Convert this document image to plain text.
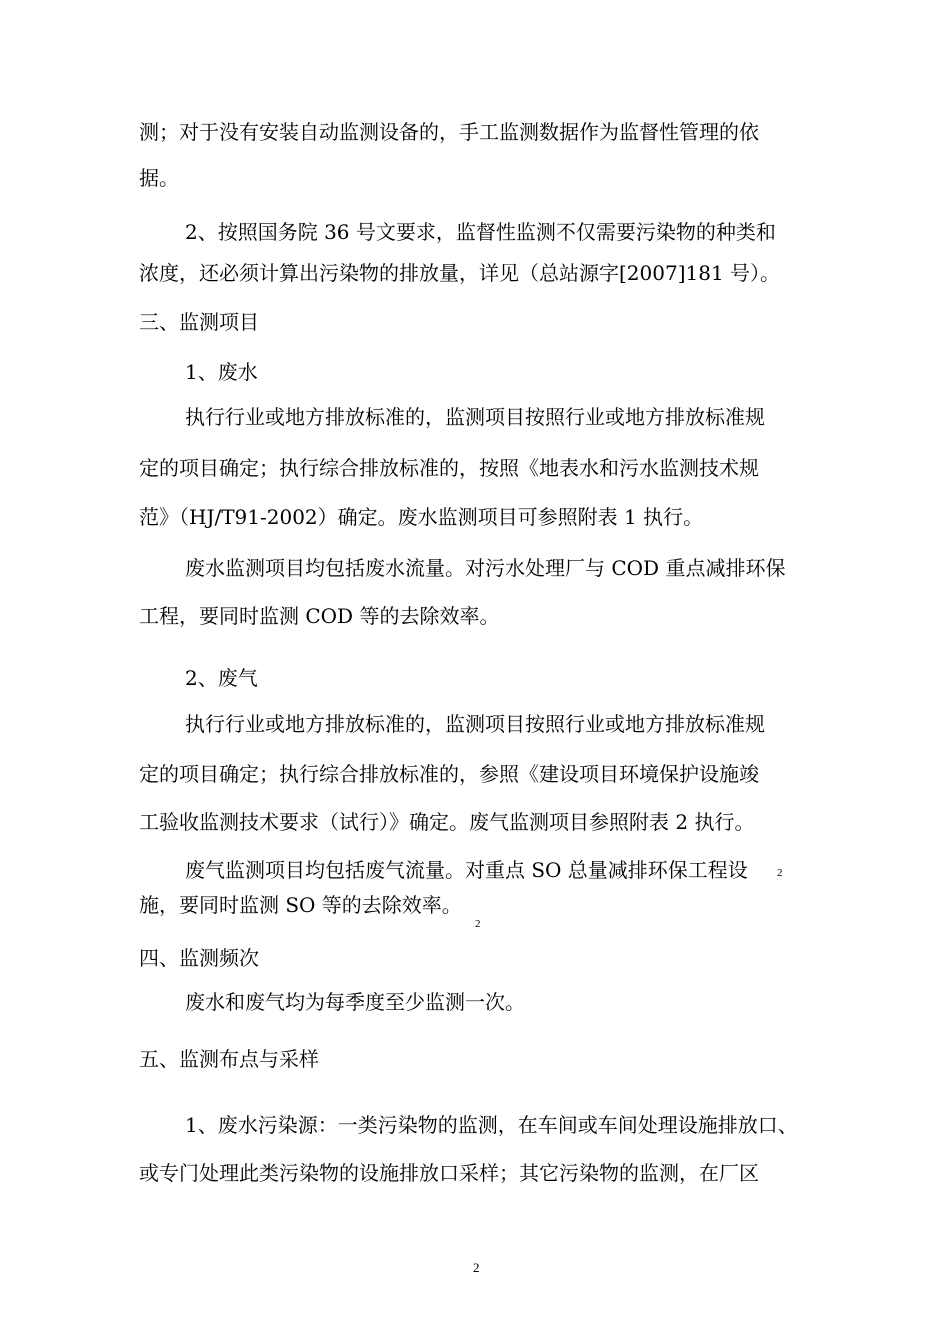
测；对于没有安装自动监测设备的，手工监测数据作为监督性管理的依
据。
2、按照国务院 36 号文要求，监督性监测不仅需要污染物的种类和
浓度，还必须计算出污染物的排放量，详见（总站源字[2007]181 号）。
三、监测项目
1、废水
执行行业或地方排放标准的，监测项目按照行业或地方排放标准规
定的项目确定；执行综合排放标准的，按照《地表水和污水监测技术规
范》（HJ/T91-2002）确定。废水监测项目可参照附表 1 执行。
废水监测项目均包括废水流量。对污水处理厂与 COD 重点减排环保
工程，要同时监测 COD 等的去除效率。
2、废气
执行行业或地方排放标准的，监测项目按照行业或地方排放标准规
定的项目确定；执行综合排放标准的，参照《建设项目环境保护设施竣
工验收监测技术要求（试行）》确定。废气监测项目参照附表 2 执行。
废气监测项目均包括废气流量。对重点 SO 总量减排环保工程设	2
施，要同时监测 SO 等的去除效率。
2
四、监测频次
废水和废气均为每季度至少监测一次。
五、监测布点与采样
1、废水污染源：一类污染物的监测，在车间或车间处理设施排放口、
或专门处理此类污染物的设施排放口采样；其它污染物的监测，在厂区
2
